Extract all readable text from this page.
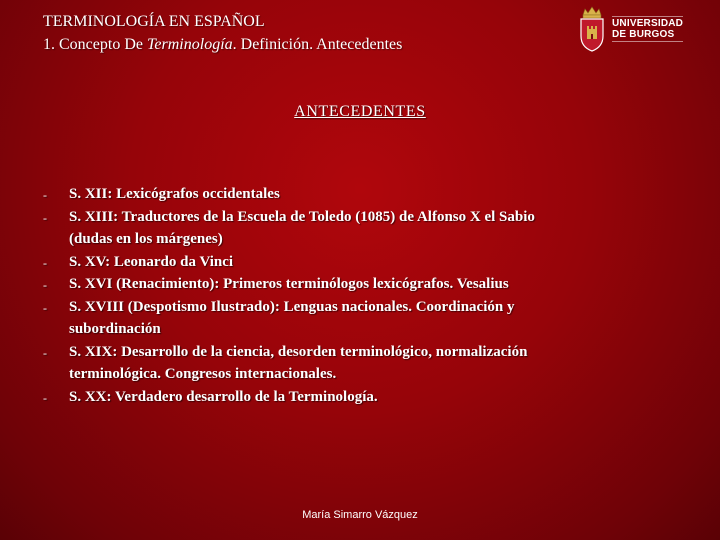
TERMINOLOGÍA EN ESPAÑOL
1. Concepto De Terminología. Definición. Antecedentes
UNIVERSIDAD
DE BURGOS
ANTECEDENTES
- S. XII: Lexicógrafos occidentales
- S. XIII: Traductores de la Escuela de Toledo (1085) de Alfonso X el Sabio
(dudas en los márgenes)
- S. XV: Leonardo da Vinci
- S. XVI (Renacimiento): Primeros terminólogos lexicógrafos. Vesalius
- S. XVIII (Despotismo Ilustrado): Lenguas nacionales. Coordinación y
subordinación
- S. XIX: Desarrollo de la ciencia, desorden terminológico, normalización
terminológica. Congresos internacionales.
- S. XX: Verdadero desarrollo de la Terminología.
María Simarro Vázquez
